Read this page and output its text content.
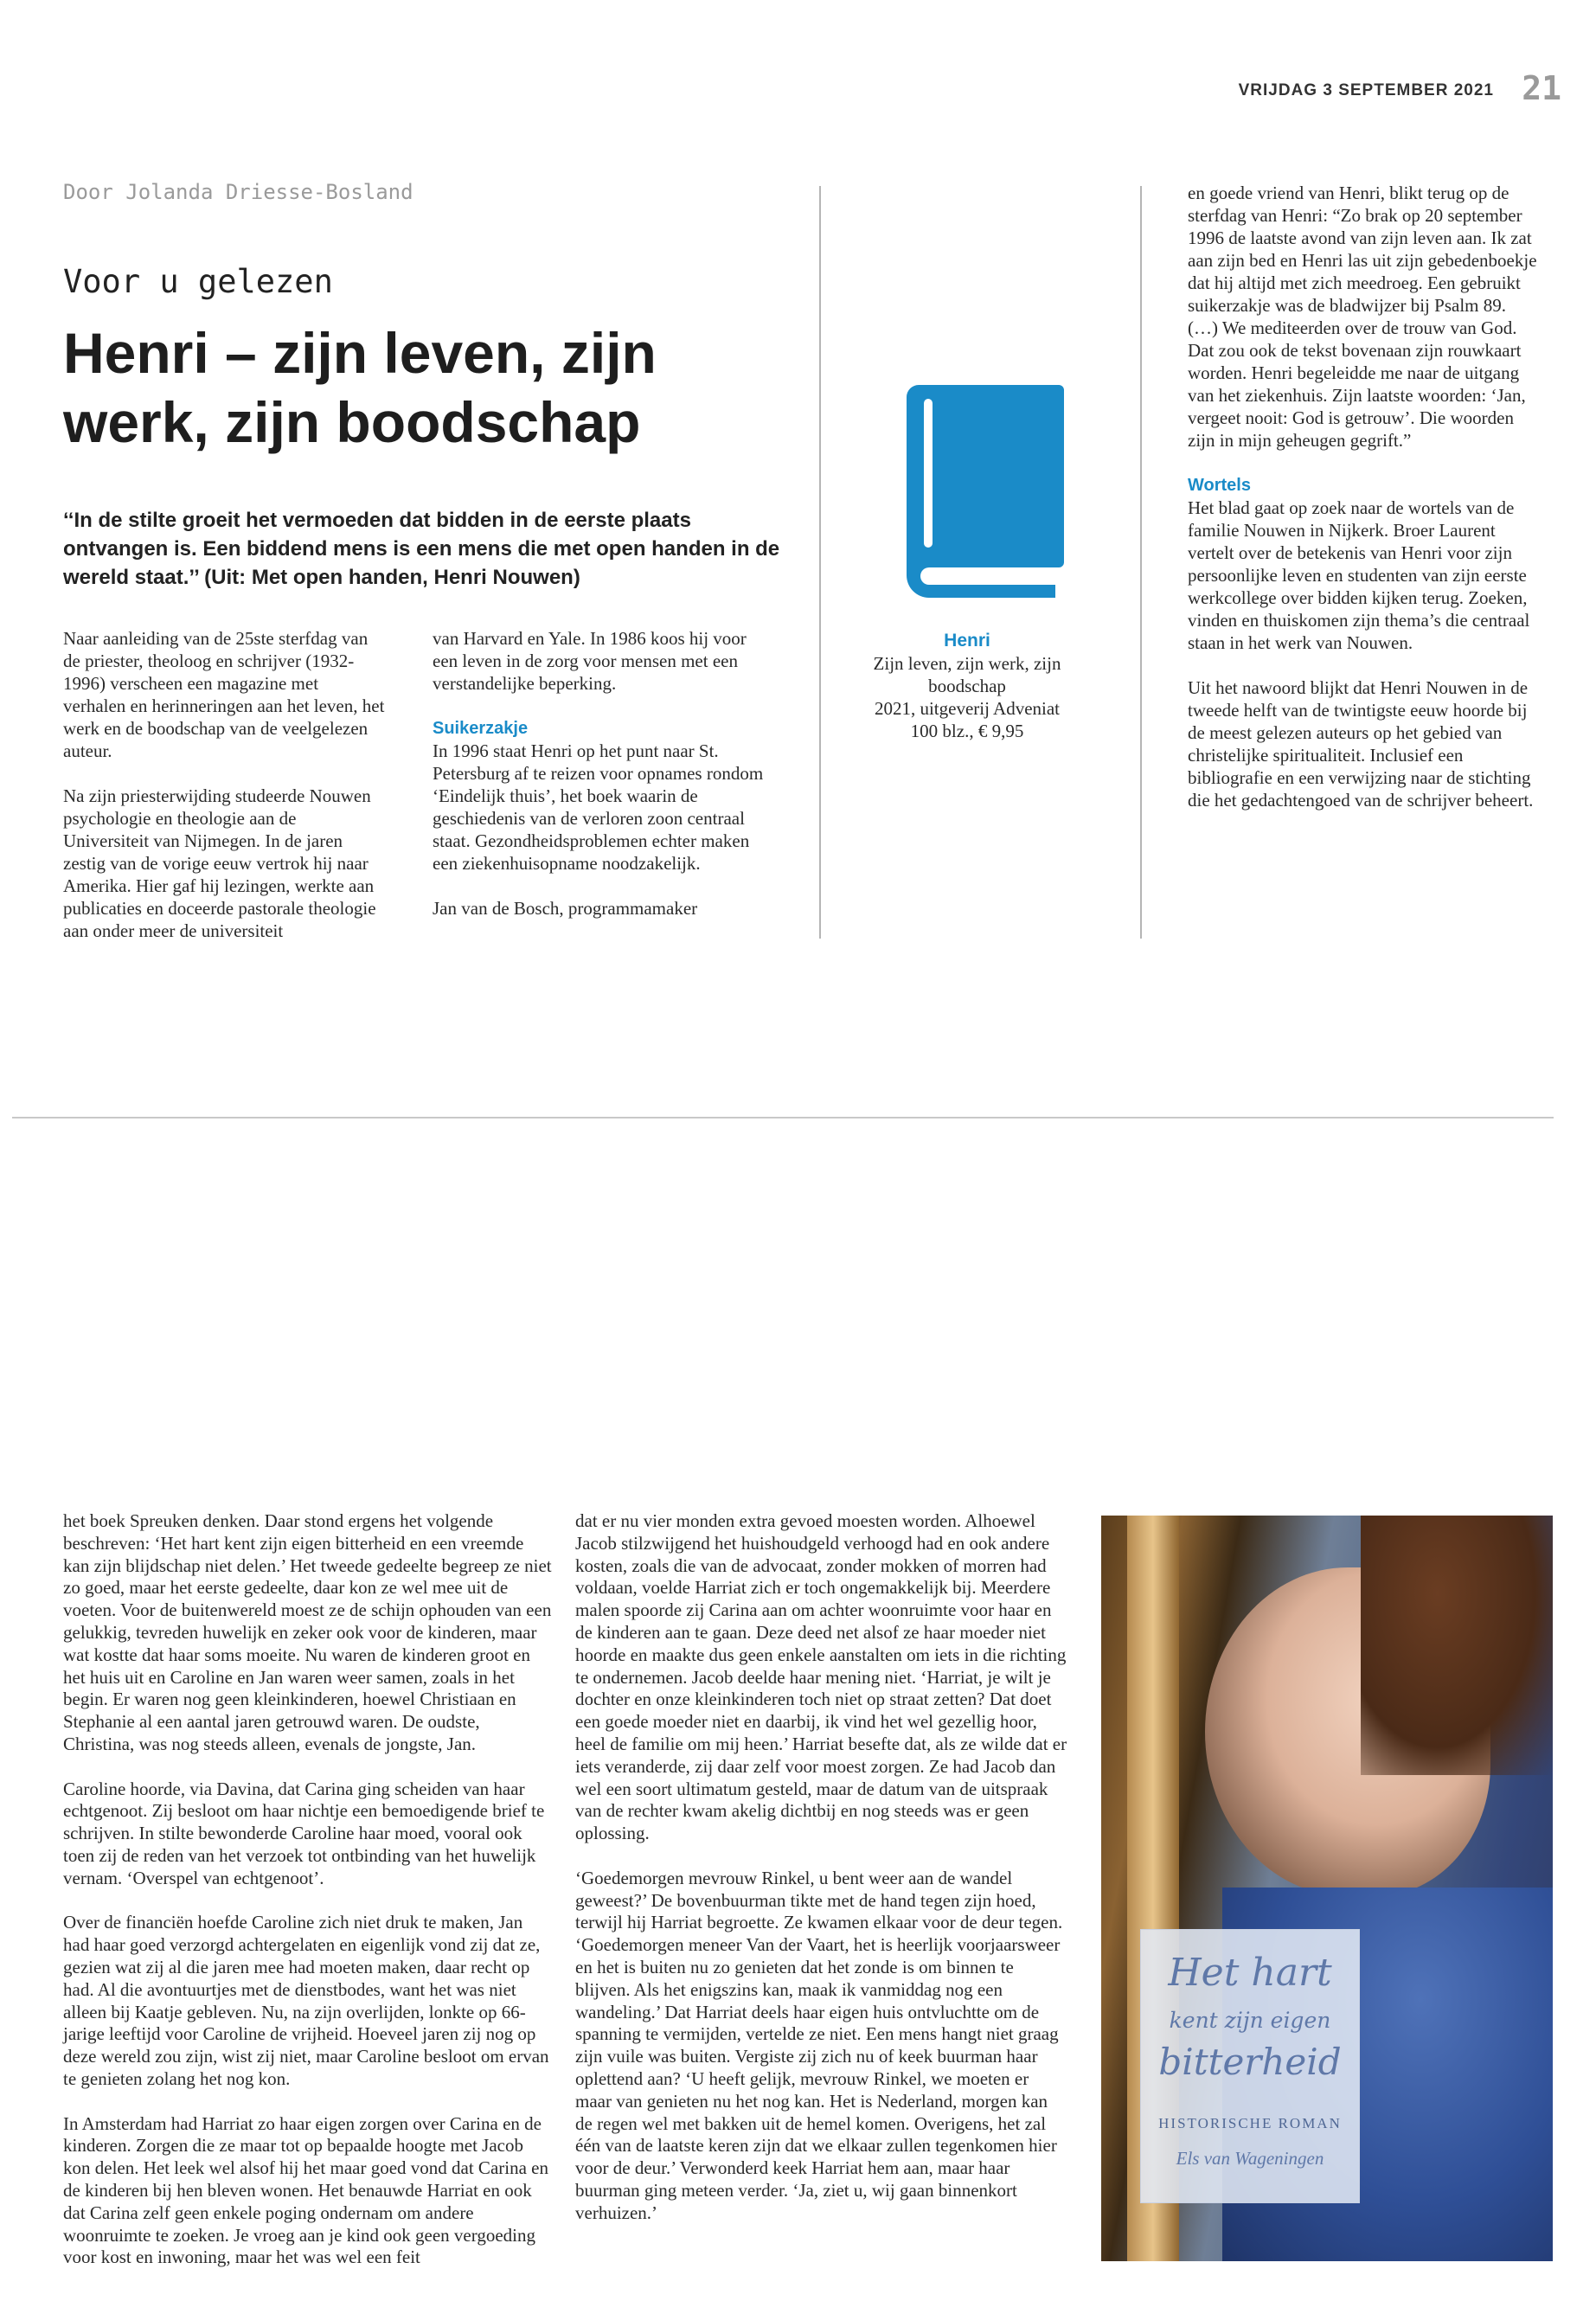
VRIJDAG 3 SEPTEMBER 2021 21
Door Jolanda Driesse-Bosland
Voor u gelezen
Henri – zijn leven, zijn werk, zijn boodschap
‘‘In de stilte groeit het vermoeden dat bidden in de eerste plaats ontvangen is. Een biddend mens is een mens die met open handen in de wereld staat.’’ (Uit: Met open handen, Henri Nouwen)

Naar aanleiding van de 25ste sterfdag van de priester, theoloog en schrijver (1932-1996) verscheen een magazine met verhalen en herinneringen aan het leven, het werk en de boodschap van de veelgelezen auteur.

Na zijn priesterwijding studeerde Nouwen psychologie en theologie aan de Universiteit van Nijmegen. In de jaren zestig van de vorige eeuw vertrok hij naar Amerika. Hier gaf hij lezingen, werkte aan publicaties en doceerde pastorale theologie aan onder meer de universiteit

van Harvard en Yale. In 1986 koos hij voor een leven in de zorg voor mensen met een verstandelijke beperking.

Suikerzakje

In 1996 staat Henri op het punt naar St. Petersburg af te reizen voor opnames rondom ‘Eindelijk thuis’, het boek waarin de geschiedenis van de verloren zoon centraal staat. Gezondheidsproblemen echter maken een ziekenhuisopname noodzakelijk.

Jan van de Bosch, programmamaker

Henri
Zijn leven, zijn werk, zijn boodschap
2021, uitgeverij Adveniat
100 blz., € 9,95

en goede vriend van Henri, blikt terug op de sterfdag van Henri: “Zo brak op 20 september 1996 de laatste avond van zijn leven aan. Ik zat aan zijn bed en Henri las uit zijn gebedenboekje dat hij altijd met zich meedroeg. Een gebruikt suikerzakje was de bladwijzer bij Psalm 89. (…) We mediteerden over de trouw van God. Dat zou ook de tekst bovenaan zijn rouwkaart worden. Henri begeleidde me naar de uitgang van het ziekenhuis. Zijn laatste woorden: ‘Jan, vergeet nooit: God is getrouw’. Die woorden zijn in mijn geheugen gegrift.”

Wortels

Het blad gaat op zoek naar de wortels van de familie Nouwen in Nijkerk. Broer Laurent vertelt over de betekenis van Henri voor zijn persoonlijke leven en studenten van zijn eerste werkcollege over bidden kijken terug. Zoeken, vinden en thuiskomen zijn thema’s die centraal staan in het werk van Nouwen.

Uit het nawoord blijkt dat Henri Nouwen in de tweede helft van de twintigste eeuw hoorde bij de meest gelezen auteurs op het gebied van christelijke spiritualiteit. Inclusief een bibliografie en een verwijzing naar de stichting die het gedachtengoed van de schrijver beheert.

het boek Spreuken denken. Daar stond ergens het volgende beschreven: ‘Het hart kent zijn eigen bitterheid en een vreemde kan zijn blijdschap niet delen.’ Het tweede gedeelte begreep ze niet zo goed, maar het eerste gedeelte, daar kon ze wel mee uit de voeten. Voor de buitenwereld moest ze de schijn ophouden van een gelukkig, tevreden huwelijk en zeker ook voor de kinderen, maar wat kostte dat haar soms moeite. Nu waren de kinderen groot en het huis uit en Caroline en Jan waren weer samen, zoals in het begin. Er waren nog geen kleinkinderen, hoewel Christiaan en Stephanie al een aantal jaren getrouwd waren. De oudste, Christina, was nog steeds alleen, evenals de jongste, Jan.

Caroline hoorde, via Davina, dat Carina ging scheiden van haar echtgenoot. Zij besloot om haar nichtje een bemoedigende brief te schrijven. In stilte bewonderde Caroline haar moed, vooral ook toen zij de reden van het verzoek tot ontbinding van het huwelijk vernam. ‘Overspel van echtgenoot’.

Over de financiën hoefde Caroline zich niet druk te maken, Jan had haar goed verzorgd achtergelaten en eigenlijk vond zij dat ze, gezien wat zij al die jaren mee had moeten maken, daar recht op had. Al die avontuurtjes met de dienstbodes, want het was niet alleen bij Kaatje gebleven. Nu, na zijn overlijden, lonkte op 66-jarige leeftijd voor Caroline de vrijheid. Hoeveel jaren zij nog op deze wereld zou zijn, wist zij niet, maar Caroline besloot om ervan te genieten zolang het nog kon.

In Amsterdam had Harriat zo haar eigen zorgen over Carina en de kinderen. Zorgen die ze maar tot op bepaalde hoogte met Jacob kon delen. Het leek wel alsof hij het maar goed vond dat Carina en de kinderen bij hen bleven wonen. Het benauwde Harriat en ook dat Carina zelf geen enkele poging ondernam om andere woonruimte te zoeken. Je vroeg aan je kind ook geen vergoeding voor kost en inwoning, maar het was wel een feit

dat er nu vier monden extra gevoed moesten worden. Alhoewel Jacob stilzwijgend het huishoudgeld verhoogd had en ook andere kosten, zoals die van de advocaat, zonder mokken of morren had voldaan, voelde Harriat zich er toch ongemakkelijk bij. Meerdere malen spoorde zij Carina aan om achter woonruimte voor haar en de kinderen aan te gaan. Deze deed net alsof ze haar moeder niet hoorde en maakte dus geen enkele aanstalten om iets in die richting te ondernemen. Jacob deelde haar mening niet. ‘Harriat, je wilt je dochter en onze kleinkinderen toch niet op straat zetten? Dat doet een goede moeder niet en daarbij, ik vind het wel gezellig hoor, heel de familie om mij heen.’ Harriat besefte dat, als ze wilde dat er iets veranderde, zij daar zelf voor moest zorgen. Ze had Jacob dan wel een soort ultimatum gesteld, maar de datum van de uitspraak van de rechter kwam akelig dichtbij en nog steeds was er geen oplossing.

‘Goedemorgen mevrouw Rinkel, u bent weer aan de wandel geweest?’ De bovenbuurman tikte met de hand tegen zijn hoed, terwijl hij Harriat begroette. Ze kwamen elkaar voor de deur tegen.

‘Goedemorgen meneer Van der Vaart, het is heerlijk voorjaarsweer en het is buiten nu zo genieten dat het zonde is om binnen te blijven. Als het enigszins kan, maak ik vanmiddag nog een wandeling.’ Dat Harriat deels haar eigen huis ontvluchtte om de spanning te vermijden, vertelde ze niet. Een mens hangt niet graag zijn vuile was buiten. Vergiste zij zich nu of keek buurman haar oplettend aan? ‘U heeft gelijk, mevrouw Rinkel, we moeten er maar van genieten nu het nog kan. Het is Nederland, morgen kan de regen wel met bakken uit de hemel komen. Overigens, het zal één van de laatste keren zijn dat we elkaar zullen tegenkomen hier voor de deur.’ Verwonderd keek Harriat hem aan, maar haar buurman ging meteen verder. ‘Ja, ziet u, wij gaan binnenkort verhuizen.’

Het hart
kent zijn eigen
bitterheid
HISTORISCHE ROMAN
Els van Wageningen
